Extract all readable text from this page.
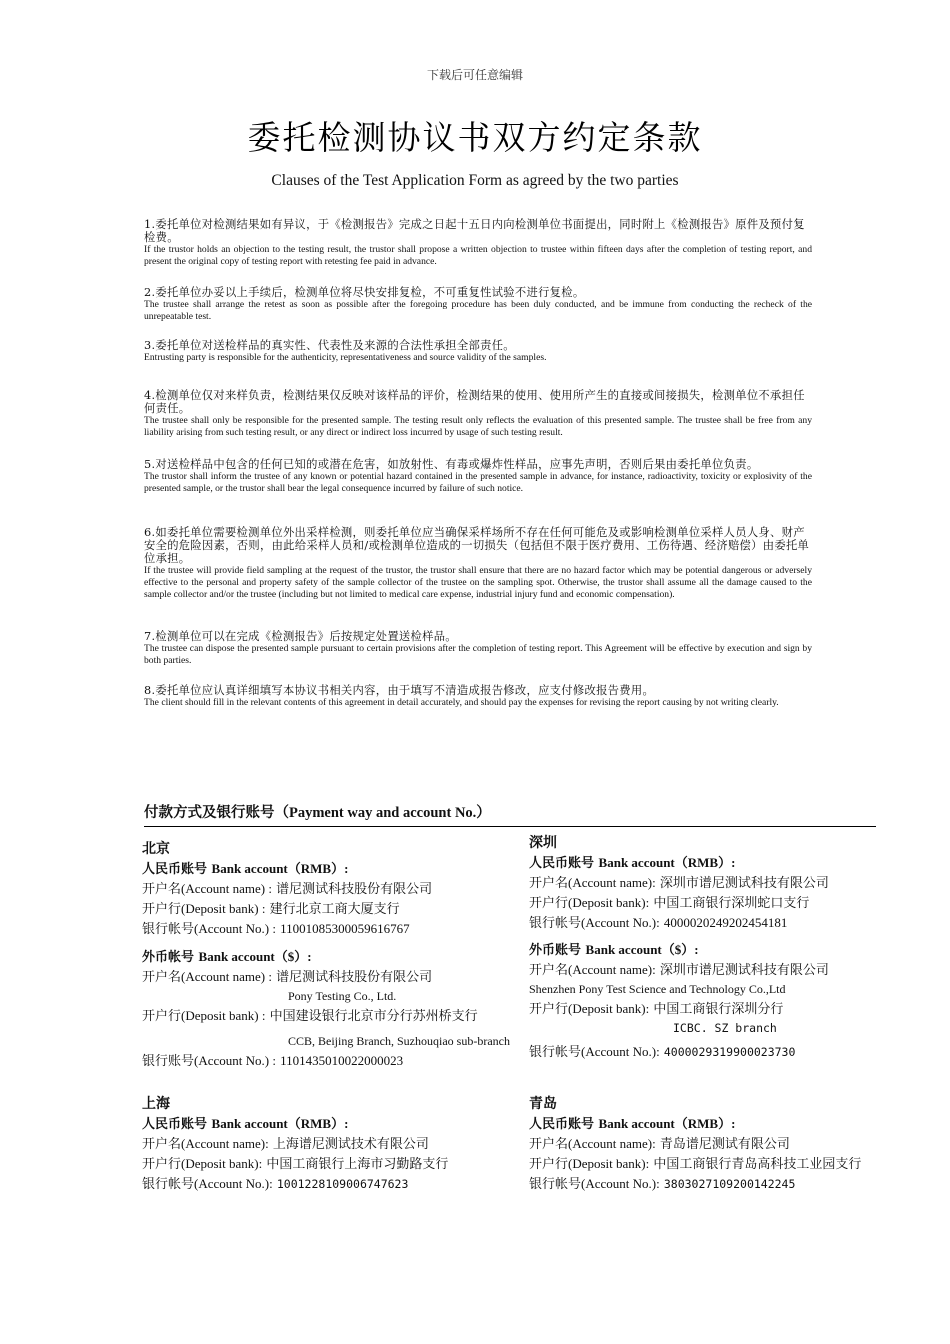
下载后可任意编辑
委托检测协议书双方约定条款
Clauses of the Test Application Form as agreed by the two parties
1.委托单位对检测结果如有异议，于《检测报告》完成之日起十五日内向检测单位书面提出，同时附上《检测报告》原件及预付复检费。
If the trustor holds an objection to the testing result, the trustor shall propose a written objection to trustee within fifteen days after the completion of testing report, and present the original copy of testing report with retesting fee paid in advance.
2.委托单位办妥以上手续后，检测单位将尽快安排复检，不可重复性试验不进行复检。
The trustee shall arrange the retest as soon as possible after the foregoing procedure has been duly conducted, and be immune from conducting the recheck of the unrepeatable test.
3.委托单位对送检样品的真实性、代表性及来源的合法性承担全部责任。
Entrusting party is responsible for the authenticity, representativeness and source validity of the samples.
4.检测单位仅对来样负责，检测结果仅反映对该样品的评价，检测结果的使用、使用所产生的直接或间接损失，检测单位不承担任何责任。
The trustee shall only be responsible for the presented sample. The testing result only reflects the evaluation of this presented sample. The trustee shall be free from any liability arising from such testing result, or any direct or indirect loss incurred by usage of such testing result.
5.对送检样品中包含的任何已知的或潜在危害，如放射性、有毒或爆炸性样品，应事先声明，否则后果由委托单位负责。
The trustor shall inform the trustee of any known or potential hazard contained in the presented sample in advance, for instance, radioactivity, toxicity or explosivity of the presented sample, or the trustor shall bear the legal consequence incurred by failure of such notice.
6.如委托单位需要检测单位外出采样检测，则委托单位应当确保采样场所不存在任何可能危及或影响检测单位采样人员人身、财产安全的危险因素，否则，由此给采样人员和/或检测单位造成的一切损失（包括但不限于医疗费用、工伤待遇、经济赔偿）由委托单位承担。
If the trustee will provide field sampling at the request of the trustor, the trustor shall ensure that there are no hazard factor which may be potential dangerous or adversely effective to the personal and property safety of the sample collector of the trustee on the sampling spot. Otherwise, the trustor shall assume all the damage caused to the sample collector and/or the trustee (including but not limited to medical care expense, industrial injury fund and economic compensation).
7.检测单位可以在完成《检测报告》后按规定处置送检样品。
The trustee can dispose the presented sample pursuant to certain provisions after the completion of testing report. This Agreement will be effective by execution and sign by both parties.
8.委托单位应认真详细填写本协议书相关内容，由于填写不清造成报告修改，应支付修改报告费用。
The client should fill in the relevant contents of this agreement in detail accurately, and should pay the expenses for revising the report causing by not writing clearly.
付款方式及银行账号（Payment way and account No.）
北京
人民币账号 Bank account（RMB）:
开户名(Account name) : 谱尼测试科技股份有限公司
开户行(Deposit bank) : 建行北京工商大厦支行
银行帐号(Account No.) : 11001085300059616767
外币帐号 Bank account（$）:
开户名(Account name) : 谱尼测试科技股份有限公司
Pony Testing Co., Ltd.
开户行(Deposit bank) : 中国建设银行北京市分行苏州桥支行
CCB, Beijing Branch, Suzhouqiao sub-branch
银行账号(Account No.) : 1101435010022000023
深圳
人民币账号 Bank account（RMB）:
开户名(Account name): 深圳市谱尼测试科技有限公司
开户行(Deposit bank): 中国工商银行深圳蛇口支行
银行帐号(Account No.): 4000020249202454181
外币账号 Bank account（$）:
开户名(Account name): 深圳市谱尼测试科技有限公司
Shenzhen Pony Test Science and Technology Co.,Ltd
开户行(Deposit bank): 中国工商银行深圳分行
ICBC. SZ branch
银行帐号(Account No.): 4000029319900023730
上海
人民币账号 Bank account（RMB）:
开户名(Account name): 上海谱尼测试技术有限公司
开户行(Deposit bank): 中国工商银行上海市习勤路支行
银行帐号(Account No.): 1001228109006747623
青岛
人民币账号 Bank account（RMB）:
开户名(Account name): 青岛谱尼测试有限公司
开户行(Deposit bank): 中国工商银行青岛高科技工业园支行
银行帐号(Account No.): 3803027109200142245
